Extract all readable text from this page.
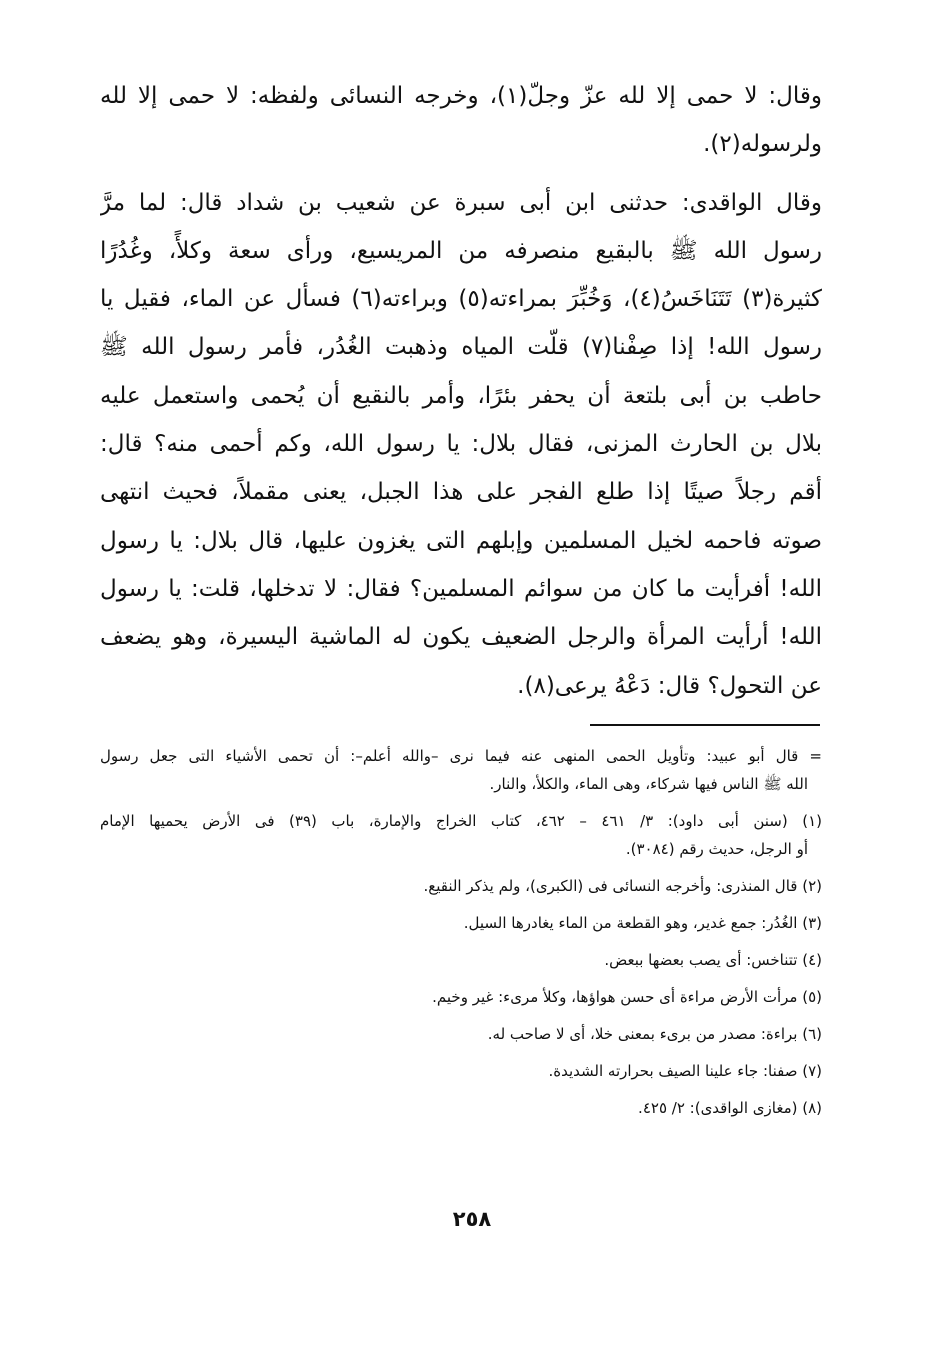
وقال: لا حمى إلا لله عزّ وجلّ(١)، وخرجه النسائى ولفظه: لا حمى إلا لله
ولرسوله(٢).
وقال الواقدى: حدثنى ابن أبى سبرة عن شعيب بن شداد قال: لما مرَّ
رسول الله ﷺ بالبقيع منصرفه من المريسيع، ورأى سعة وكلأً، وغُدُرًا
كثيرة(٣) تَتَنَاخَسُ(٤)، وَخُبِّرَ بمراءته(٥) وبراءته(٦) فسأل عن الماء، فقيل يا
رسول الله! إذا صِفْنا(٧) قلّت المياه وذهبت الغُدُر، فأمر رسول الله ﷺ
حاطب بن أبى بلتعة أن يحفر بئرًا، وأمر بالنقيع أن يُحمى واستعمل عليه
بلال بن الحارث المزنى، فقال بلال: يا رسول الله، وكم أحمى منه؟ قال:
أقم رجلاً صيتًا إذا طلع الفجر على هذا الجبل، يعنى مقملاً، فحيث انتهى
صوته فاحمه لخيل المسلمين وإبلهم التى يغزون عليها، قال بلال: يا رسول
الله! أفرأيت ما كان من سوائم المسلمين؟ فقال: لا تدخلها، قلت: يا رسول
الله! أرأيت المرأة والرجل الضعيف يكون له الماشية اليسيرة، وهو يضعف
عن التحول؟ قال: دَعْهُ يرعى(٨).
= قال أبو عبيد: وتأويل الحمى المنهى عنه فيما نرى –والله أعلم–: أن تحمى الأشياء التى جعل رسول
الله ﷺ الناس فيها شركاء، وهى الماء، والكلأ، والنار.
(١) (سنن أبى داود): ٣/ ٤٦١ – ٤٦٢، كتاب الخراج والإمارة، باب (٣٩) فى الأرض يحميها الإمام
أو الرجل، حديث رقم (٣٠٨٤).
(٢) قال المنذرى: وأخرجه النسائى فى (الكبرى)، ولم يذكر النقيع.
(٣) الغُدُر: جمع غدير، وهو القطعة من الماء يغادرها السيل.
(٤) تتناخس: أى يصب بعضها ببعض.
(٥) مرأت الأرض مراءة أى حسن هواؤها، وكلأ مرىء: غير وخيم.
(٦) براءة: مصدر من برىء بمعنى خلا، أى لا صاحب له.
(٧) صفنا: جاء علينا الصيف بحرارته الشديدة.
(٨) (مغازى الواقدى): ٢/ ٤٢٥.
٢٥٨
